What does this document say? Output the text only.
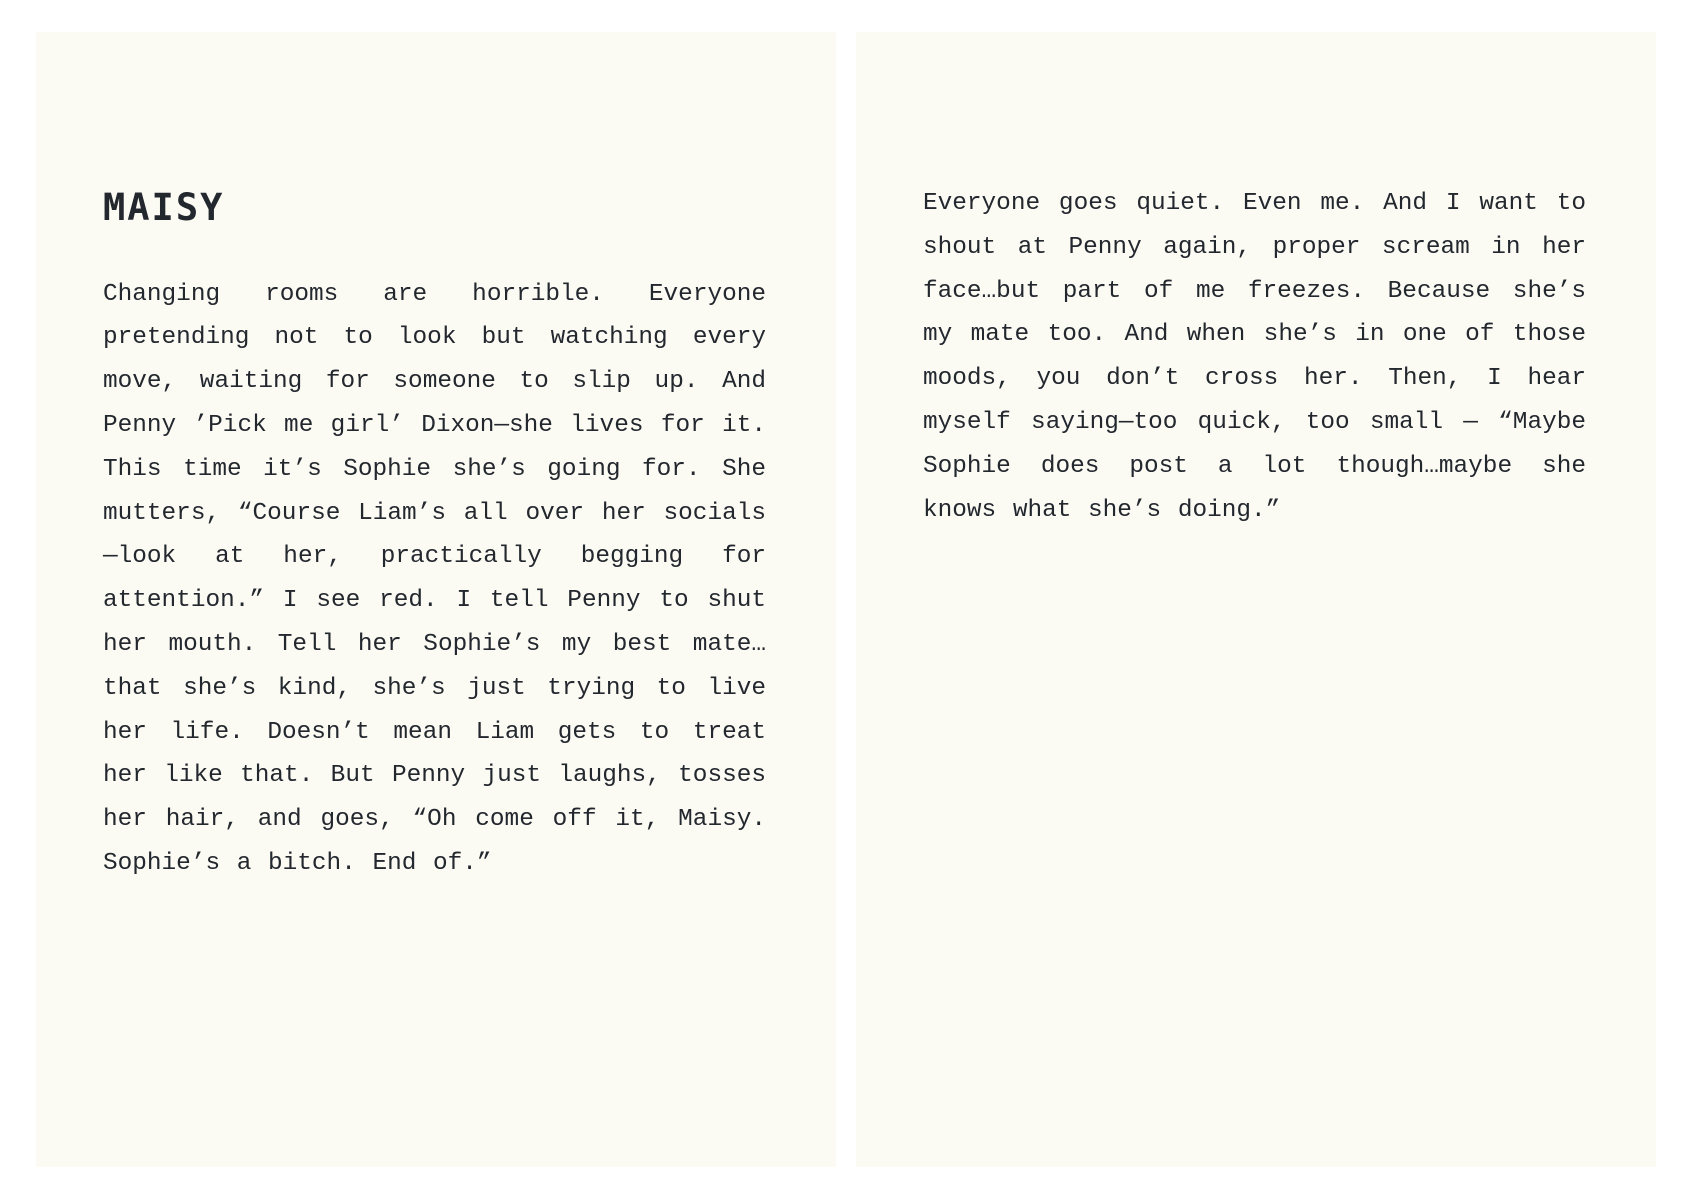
MAISY

Changing rooms are horrible. Everyone pretending not to look but watching every move, waiting for someone to slip up. And Penny ’Pick me girl’ Dixon—she lives for it. This time it’s Sophie she’s going for. She mutters, “Course Liam’s all over her socials—look at her, practically begging for attention.” I see red. I tell Penny to shut her mouth. Tell her Sophie’s my best mate…that she’s kind, she’s just trying to live her life. Doesn’t mean Liam gets to treat her like that. But Penny just laughs, tosses her hair, and goes, “Oh come off it, Maisy. Sophie’s a bitch. End of.”

Everyone goes quiet. Even me. And I want to shout at Penny again, proper scream in her face…but part of me freezes. Because she’s my mate too. And when she’s in one of those moods, you don’t cross her. Then, I hear myself saying—too quick, too small — “Maybe Sophie does post a lot though…maybe she knows what she’s doing.”
